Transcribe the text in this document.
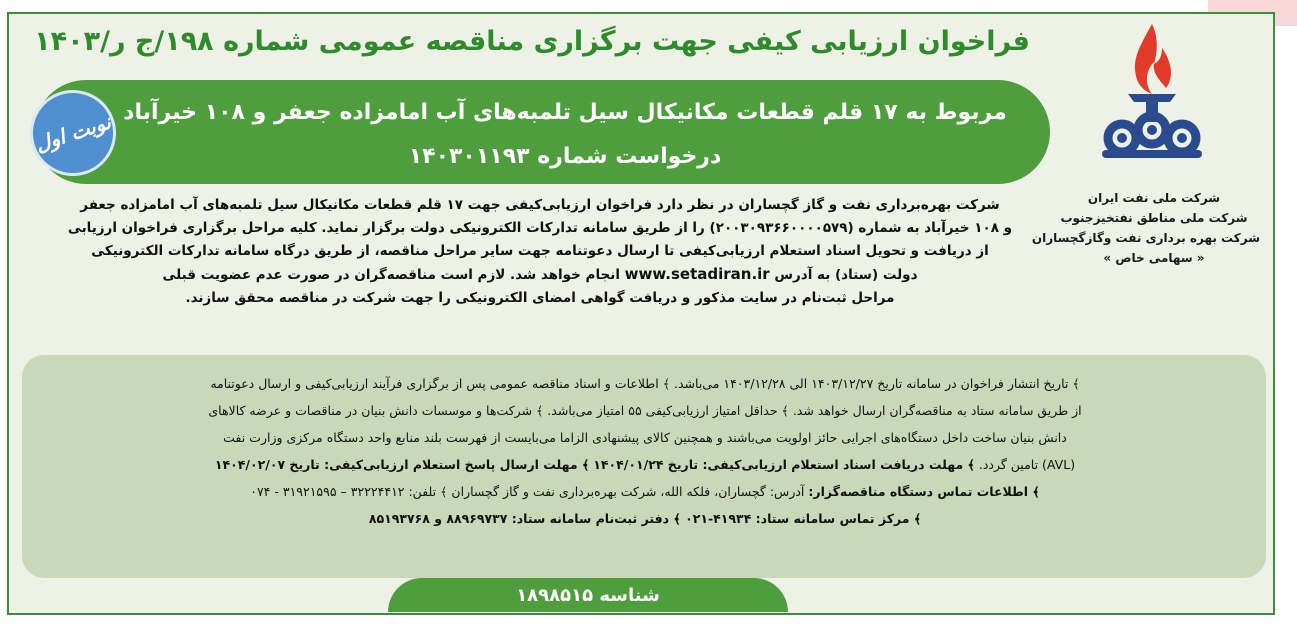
شرکت ملی نفت ایران
شرکت ملی مناطق نفتخیزجنوب
شرکت بهره برداری نفت وگازگچساران
« سهامی خاص »
فراخوان ارزیابی کیفی جهت برگزاری مناقصه عمومی شماره ۱۹۸/ج ر/۱۴۰۳
مربوط به ۱۷ قلم قطعات مکانیکال سیل تلمبه‌های آب امامزاده جعفر و ۱۰۸ خیرآباد
درخواست شماره ۱۴۰۳۰۱۱۹۳
نوبت اول

شرکت بهره‌برداری نفت و گاز گچساران در نظر دارد فراخوان ارزیابی‌کیفی جهت ۱۷ قلم قطعات مکانیکال سیل تلمبه‌های آب امامزاده جعفر

و ۱۰۸ خیرآباد به شماره (۲۰۰۳۰۹۳۶۶۰۰۰۰۵۷۹) را از طریق سامانه تدارکات الکترونیکی دولت برگزار نماید. کلیه مراحل برگزاری فراخوان ارزیابی

از دریافت و تحویل اسناد استعلام ارزیابی‌کیفی تا ارسال دعوتنامه جهت سایر مراحل مناقصه، از طریق درگاه سامانه تدارکات الکترونیکی

دولت (ستاد) به آدرس www.setadiran.ir انجام خواهد شد. لازم است مناقصه‌گران در صورت عدم عضویت قبلی

مراحل ثبت‌نام در سایت مذکور و دریافت گواهی امضای الکترونیکی را جهت شرکت در مناقصه محقق سازند.

﴾ تاریخ انتشار فراخوان در سامانه تاریخ ۱۴۰۳/۱۲/۲۷ الی ۱۴۰۳/۱۲/۲۸ می‌باشد. ﴾ اطلاعات و اسناد مناقصه عمومی پس از برگزاری فرآیند ارزیابی‌کیفی و ارسال دعوتنامه

از طریق سامانه ستاد به مناقصه‌گران ارسال خواهد شد. ﴾ حداقل امتیاز ارزیابی‌کیفی ۵۵ امتیاز می‌باشد. ﴾ شرکت‌ها و موسسات دانش بنیان در مناقصات و عرضه کالاهای

دانش بنیان ساخت داخل دستگاه‌های اجرایی حائز اولویت می‌باشند و همچنین کالای پیشنهادی الزاما می‌بایست از فهرست بلند منابع واحد دستگاه مرکزی وزارت نفت

(AVL) تامین گردد. ﴾ مهلت دریافت اسناد استعلام ارزیابی‌کیفی: تاریخ ۱۴۰۴/۰۱/۲۴ ﴾ مهلت ارسال پاسخ استعلام ارزیابی‌کیفی: تاریخ ۱۴۰۴/۰۲/۰۷

﴾ اطلاعات تماس دستگاه مناقصه‌گزار: آدرس: گچساران، فلکه الله، شرکت بهره‌برداری نفت و گاز گچساران ﴾ تلفن: ۳۲۲۲۴۴۱۲ – ۳۱۹۲۱۵۹۵ - ۰۷۴

﴾ مرکز تماس سامانه ستاد: ۴۱۹۳۴-۰۲۱ ﴾ دفتر ثبت‌نام سامانه ستاد: ۸۸۹۶۹۷۳۷ و ۸۵۱۹۳۷۶۸

شناسه ۱۸۹۸۵۱۵
